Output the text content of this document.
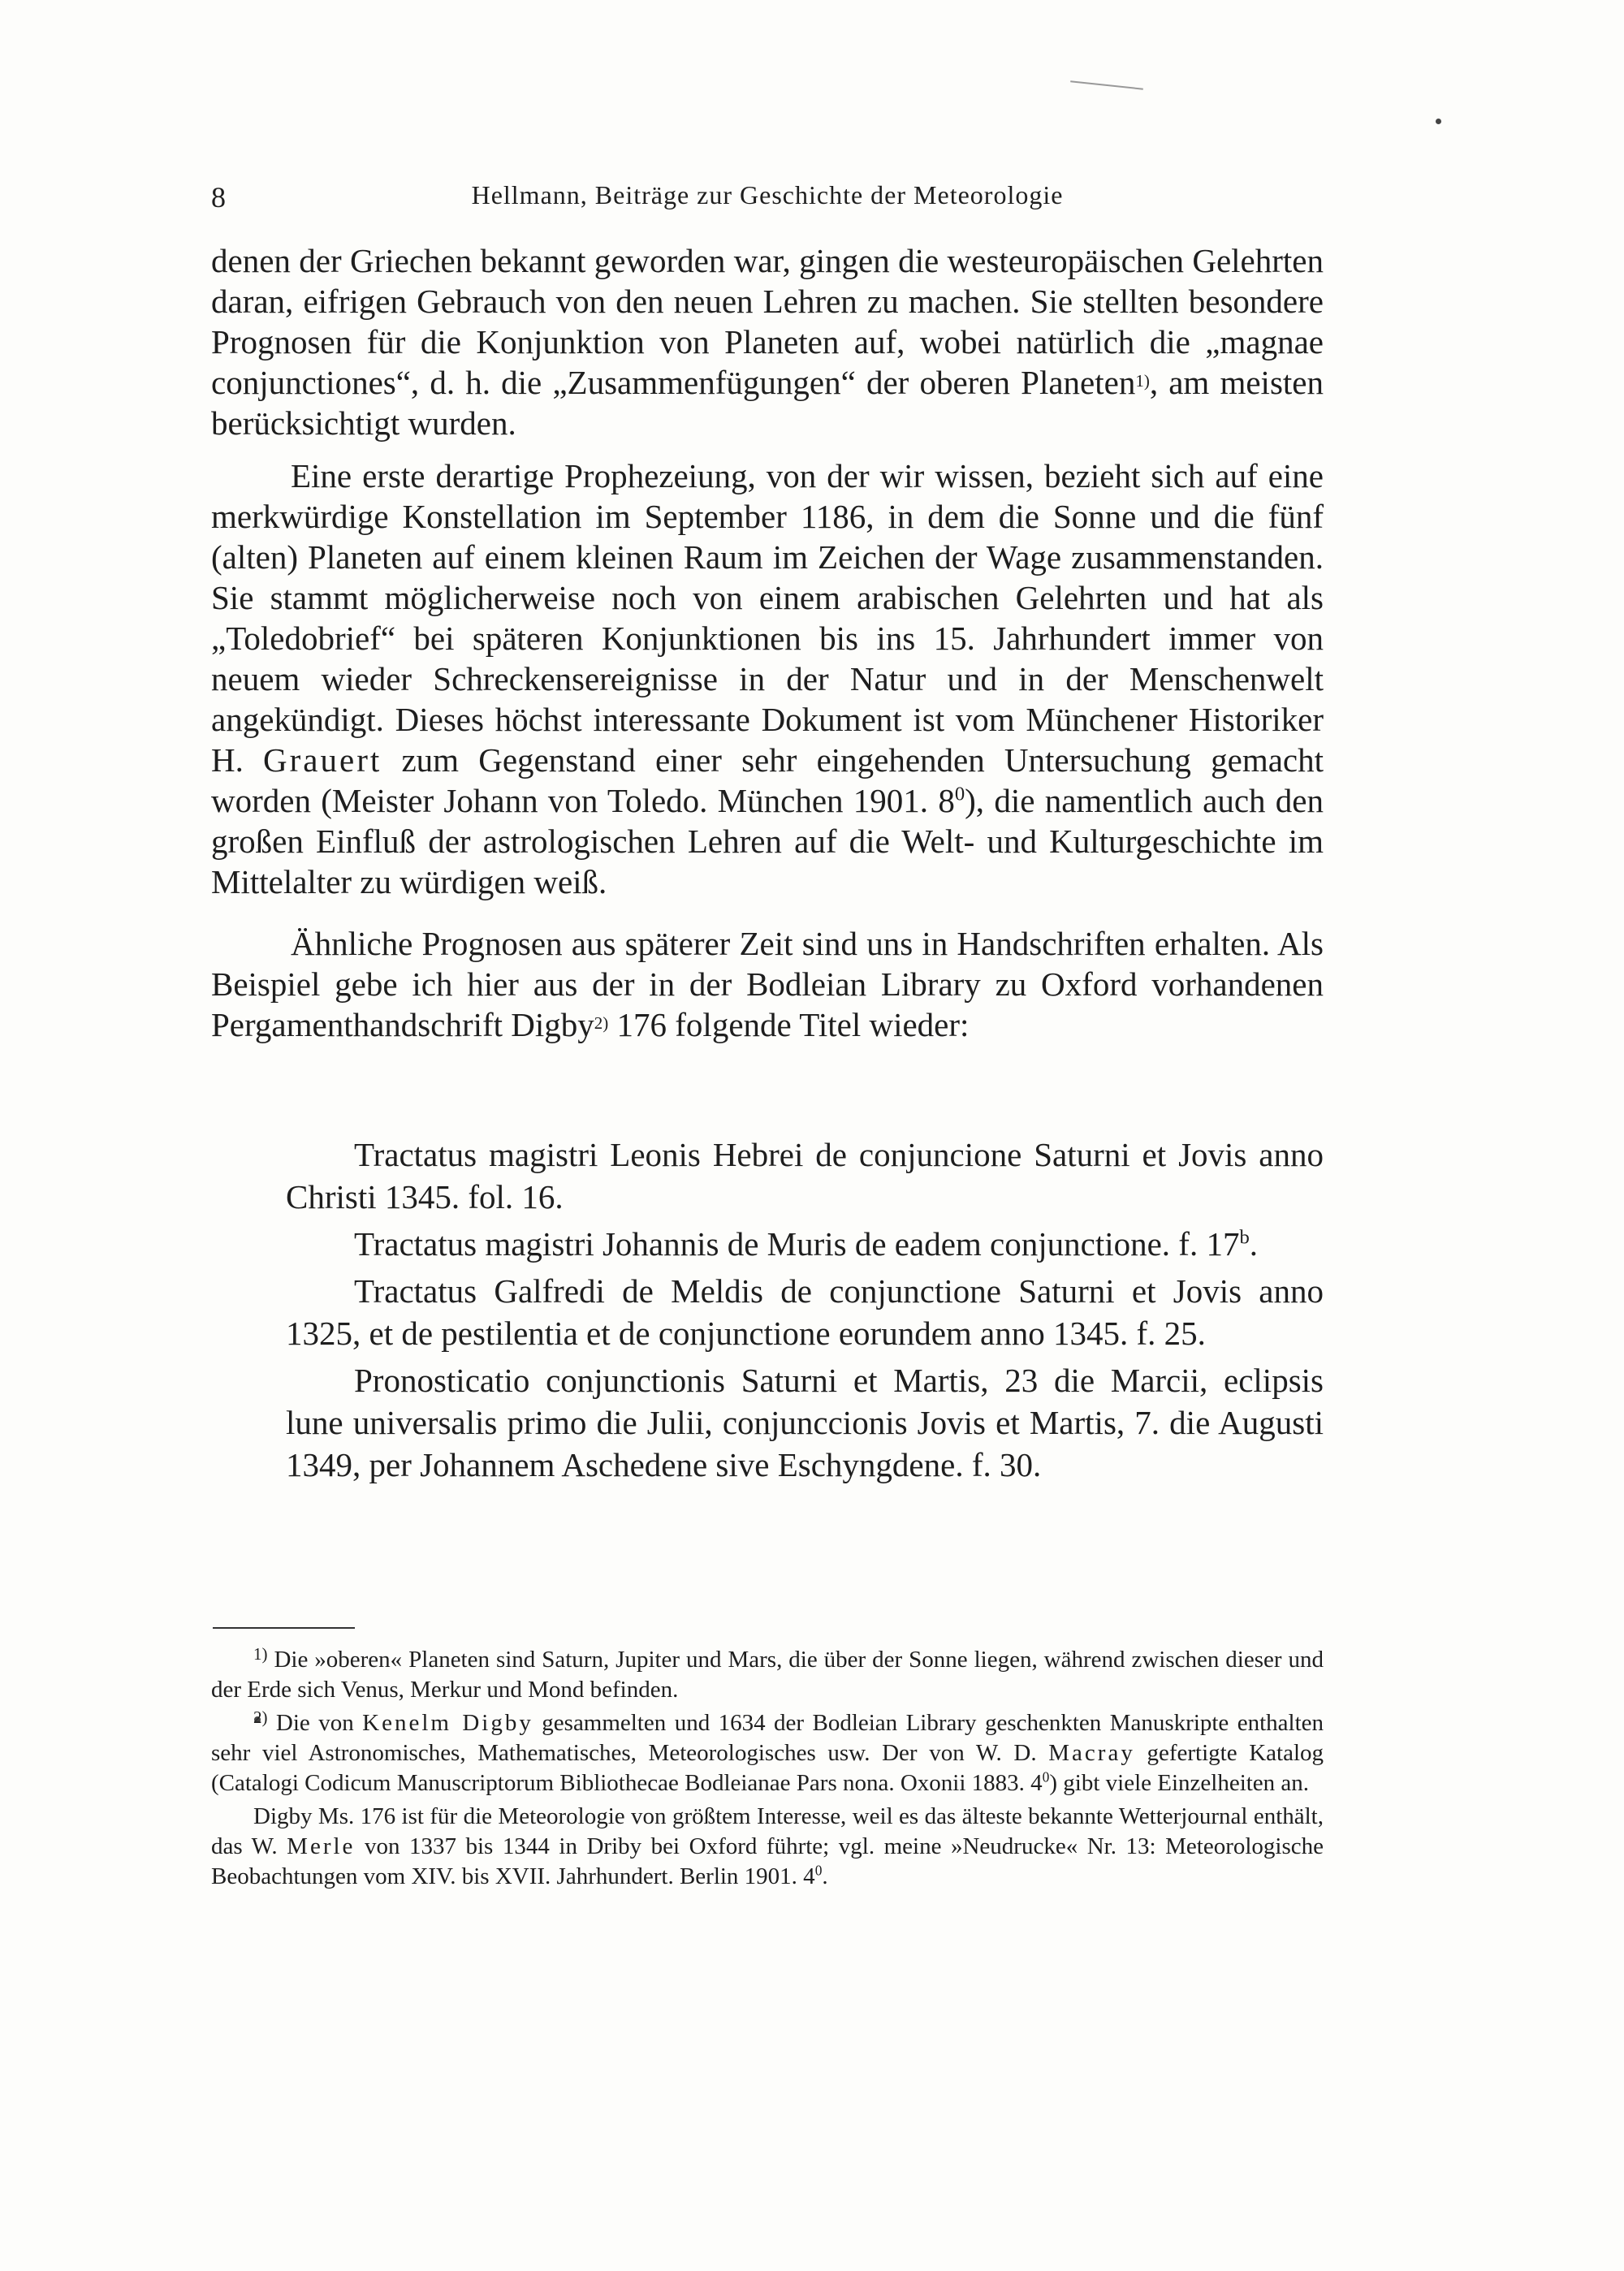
8	Hellmann, Beiträge zur Geschichte der Meteorologie

denen der Griechen bekannt geworden war, gingen die westeuropäischen Gelehrten daran, eifrigen Gebrauch von den neuen Lehren zu machen. Sie stellten besondere Prognosen für die Konjunktion von Planeten auf, wobei natürlich die „magnae conjunctiones“, d. h. die „Zusammenfügungen“ der oberen Planeten$^{1)}$, am meisten berücksichtigt wurden.

Eine erste derartige Prophezeiung, von der wir wissen, bezieht sich auf eine merkwürdige Konstellation im September 1186, in dem die Sonne und die fünf (alten) Planeten auf einem kleinen Raum im Zeichen der Wage zusammenstanden. Sie stammt möglicherweise noch von einem arabischen Gelehrten und hat als „Toledobrief“ bei späteren Konjunktionen bis ins 15. Jahrhundert immer von neuem wieder Schreckensereignisse in der Natur und in der Menschenwelt angekündigt. Dieses höchst interessante Dokument ist vom Münchener Historiker H. Grauert zum Gegenstand einer sehr eingehenden Untersuchung gemacht worden (Meister Johann von Toledo. München 1901. $8^0$), die namentlich auch den großen Einfluß der astrologischen Lehren auf die Welt- und Kulturgeschichte im Mittelalter zu würdigen weiß.

Ähnliche Prognosen aus späterer Zeit sind uns in Handschriften erhalten. Als Beispiel gebe ich hier aus der in der Bodleian Library zu Oxford vorhandenen Pergamenthandschrift Digby$^{2)}$ 176 folgende Titel wieder:

Tractatus magistri Leonis Hebrei de conjuncione Saturni et Jovis anno Christi 1345. fol. 16.

Tractatus magistri Johannis de Muris de eadem conjunctione. f. 17$^b$.

Tractatus Galfredi de Meldis de conjunctione Saturni et Jovis anno 1325, et de pestilentia et de conjunctione eorundem anno 1345. f. 25.

Pronosticatio conjunctionis Saturni et Martis, 23 die Marcii, eclipsis lune universalis primo die Julii, conjunccionis Jovis et Martis, 7. die Augusti 1349, per Johannem Aschedene sive Eschyngdene. f. 30.

$^{1)}$ Die »oberen« Planeten sind Saturn, Jupiter und Mars, die über der Sonne liegen, während zwischen dieser und der Erde sich Venus, Merkur und Mond befinden.

$^{2)}$ Die von Kenelm Digby gesammelten und 1634 der Bodleian Library geschenkten Manuskripte enthalten sehr viel Astronomisches, Mathematisches, Meteorologisches usw. Der von W. D. Macray gefertigte Katalog (Catalogi Codicum Manuscriptorum Bibliothecae Bodleianae Pars nona. Oxonii 1883. $4^0$) gibt viele Einzelheiten an.

Digby Ms. 176 ist für die Meteorologie von größtem Interesse, weil es das älteste bekannte Wetterjournal enthält, das W. Merle von 1337 bis 1344 in Driby bei Oxford führte; vgl. meine »Neudrucke« Nr. 13: Meteorologische Beobachtungen vom XIV. bis XVII. Jahrhundert. Berlin 1901. $4^0$.
